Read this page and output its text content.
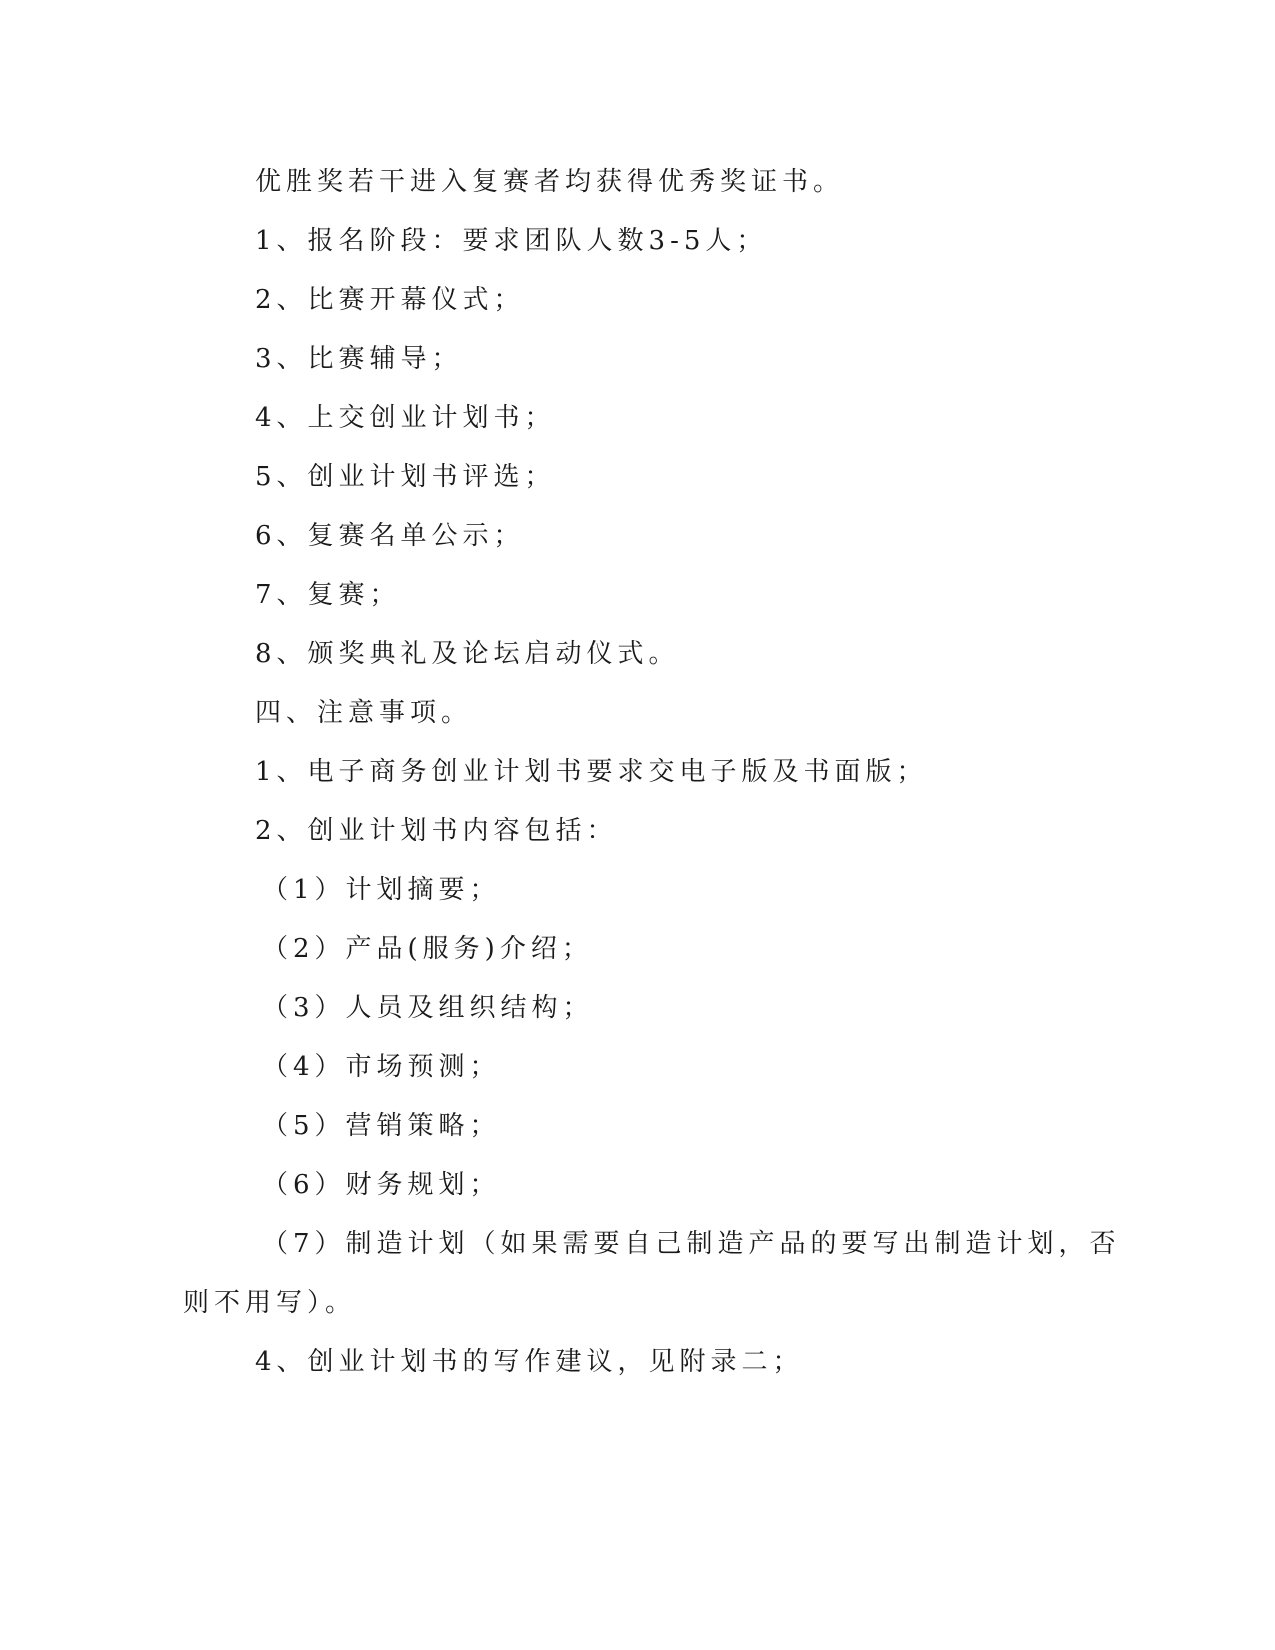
优胜奖若干进入复赛者均获得优秀奖证书。
1、报名阶段：要求团队人数3-5人；
2、比赛开幕仪式；
3、比赛辅导；
4、上交创业计划书；
5、创业计划书评选；
6、复赛名单公示；
7、复赛；
8、颁奖典礼及论坛启动仪式。
四、注意事项。
1、电子商务创业计划书要求交电子版及书面版；
2、创业计划书内容包括：
（1）计划摘要；
（2）产品(服务)介绍；
（3）人员及组织结构；
（4）市场预测；
（5）营销策略；
（6）财务规划；
（7）制造计划（如果需要自己制造产品的要写出制造计划，否
则不用写）。
4、创业计划书的写作建议，见附录二；
